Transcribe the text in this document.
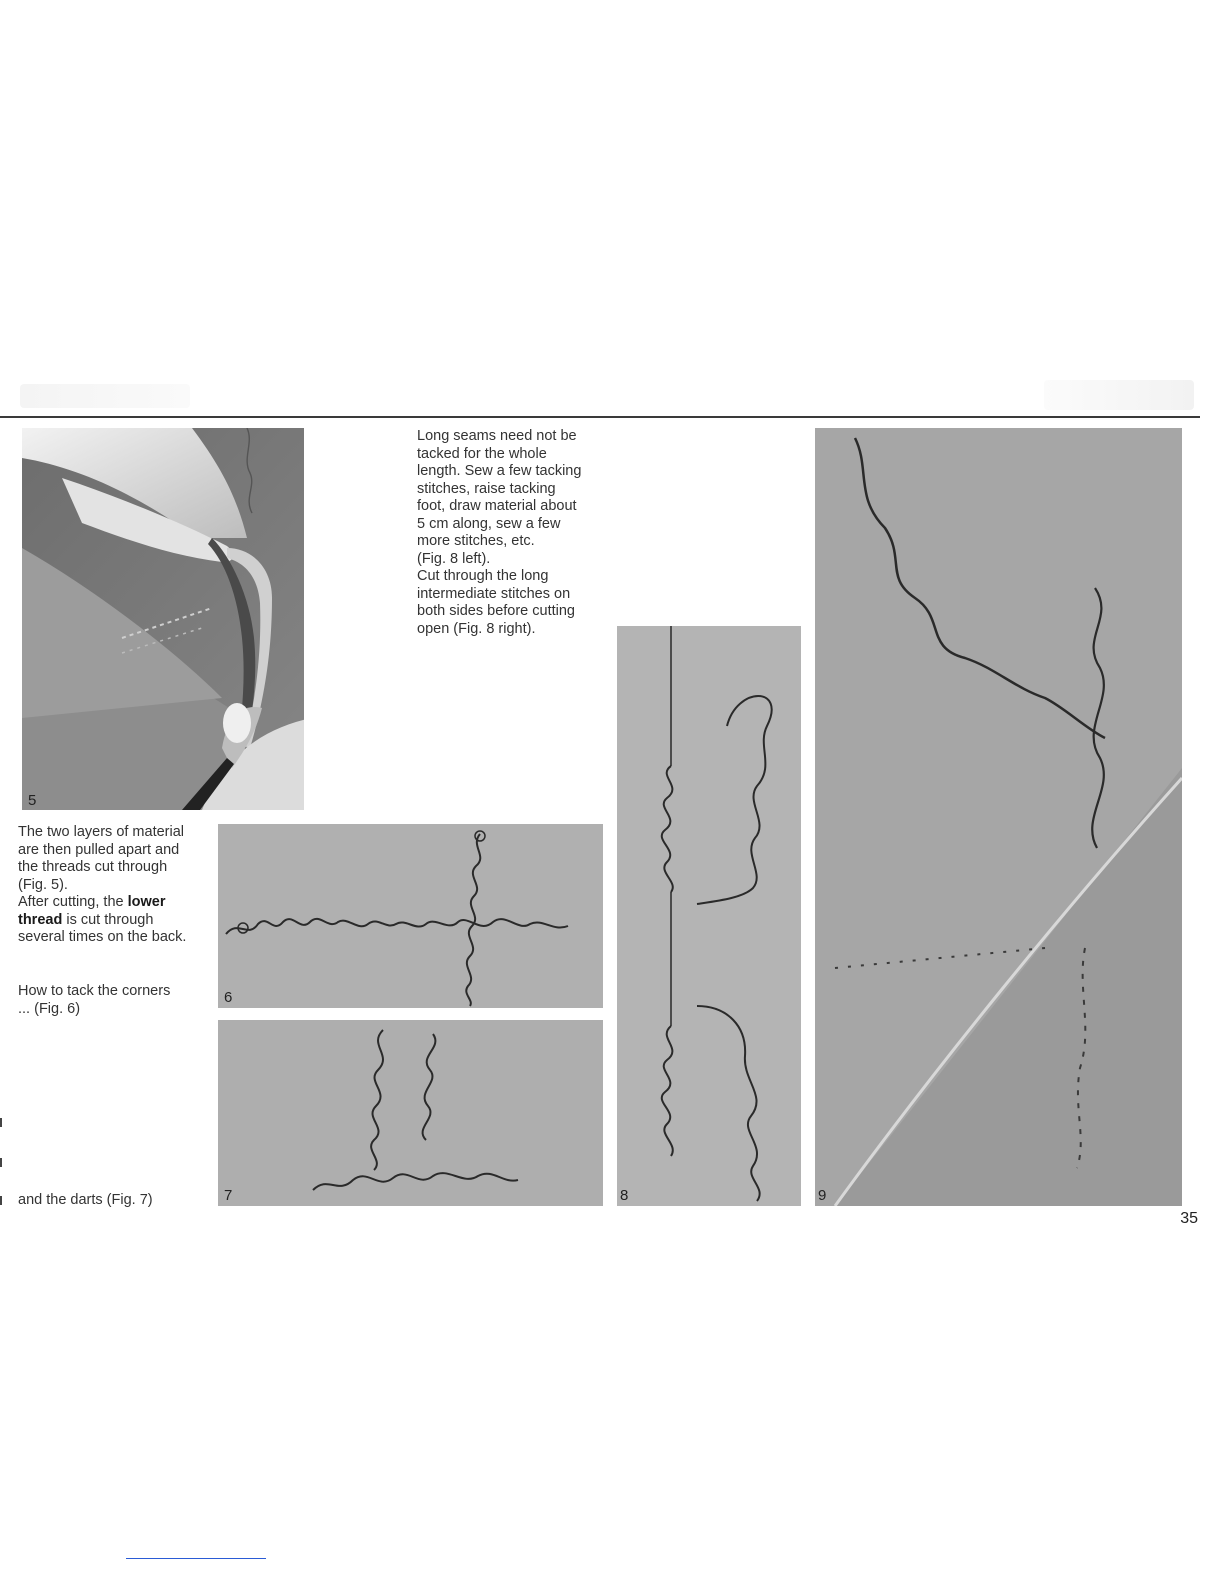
5

The two layers of material

are then pulled apart and

the threads cut through

(Fig. 5).

After cutting, the lower

thread is cut through

several times on the back.

How to tack the corners

... (Fig. 6)

and the darts (Fig. 7)

Long seams need not be

tacked for the whole

length. Sew a few tacking

stitches, raise tacking

foot, draw material about

5 cm along, sew a few

more stitches, etc.

(Fig. 8 left).

Cut through the long

intermediate stitches on

both sides before cutting

open (Fig. 8 right).

6
7	8	9
35
